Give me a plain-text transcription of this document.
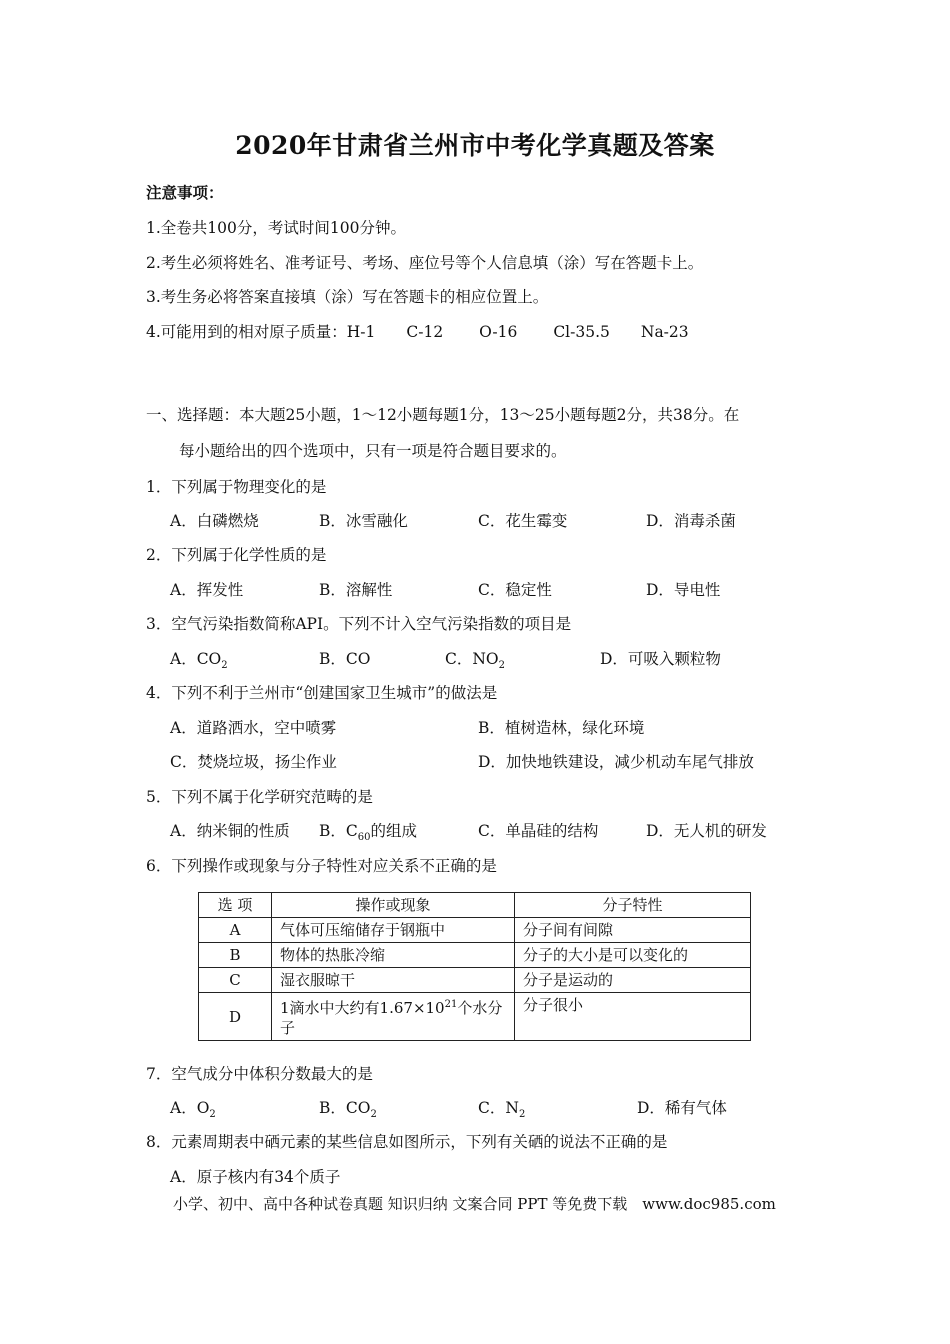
2020年甘肃省兰州市中考化学真题及答案
注意事项：
1.全卷共100分，考试时间100分钟。
2.考生必须将姓名、准考证号、考场、座位号等个人信息填（涂）写在答题卡上。
3.考生务必将答案直接填（涂）写在答题卡的相应位置上。
4.可能用到的相对原子质量：H-1　　C-12　　 O-16　　 Cl-35.5　　Na-23
一、选择题：本大题25小题，1～12小题每题1分，13～25小题每题2分，共38分。在
每小题给出的四个选项中，只有一项是符合题目要求的。
1．下列属于物理变化的是
A．白磷燃烧	B．冰雪融化	C．花生霉变	D．消毒杀菌
2．下列属于化学性质的是
A．挥发性	B．溶解性	C．稳定性	D．导电性
3．空气污染指数简称API。下列不计入空气污染指数的项目是
A．$CO_2$	B．CO	C．$NO_2$	D．可吸入颗粒物
4．下列不利于兰州市“创建国家卫生城市”的做法是
A．道路洒水，空中喷雾	B．植树造林，绿化环境
C．焚烧垃圾，扬尘作业	D．加快地铁建设，减少机动车尾气排放
5．下列不属于化学研究范畴的是
A．纳米铜的性质 B．$C_{60}$的组成	C．单晶硅的结构	D．无人机的研发
6．下列操作或现象与分子特性对应关系不正确的是
选 项	操作或现象	分子特性
A	气体可压缩储存于钢瓶中	分子间有间隙
B	物体的热胀冷缩	分子的大小是可以变化的
C	湿衣服晾干	分子是运动的
D	1滴水中大约有$1.67\times 10^{21}$个水分子	分子很小
7．空气成分中体积分数最大的是
A．$O_2$	B．$CO_2$	C．$N_2$	D．稀有气体
8．元素周期表中硒元素的某些信息如图所示，下列有关硒的说法不正确的是
A．原子核内有34个质子
小学、初中、高中各种试卷真题 知识归纳 文案合同 PPT 等免费下载　www.doc985.com
